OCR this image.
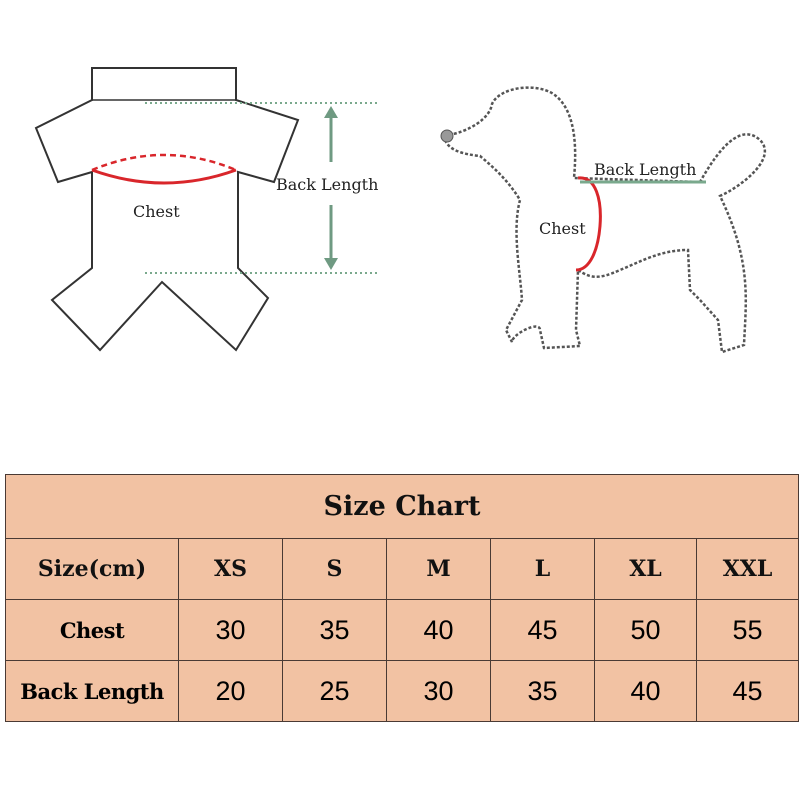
Back Length
Chest
Back Length
Chest
Size Chart						
Size(cm)	XS	S	M	L	XL	XXL
Chest	30	35	40	45	50	55
Back Length	20	25	30	35	40	45
